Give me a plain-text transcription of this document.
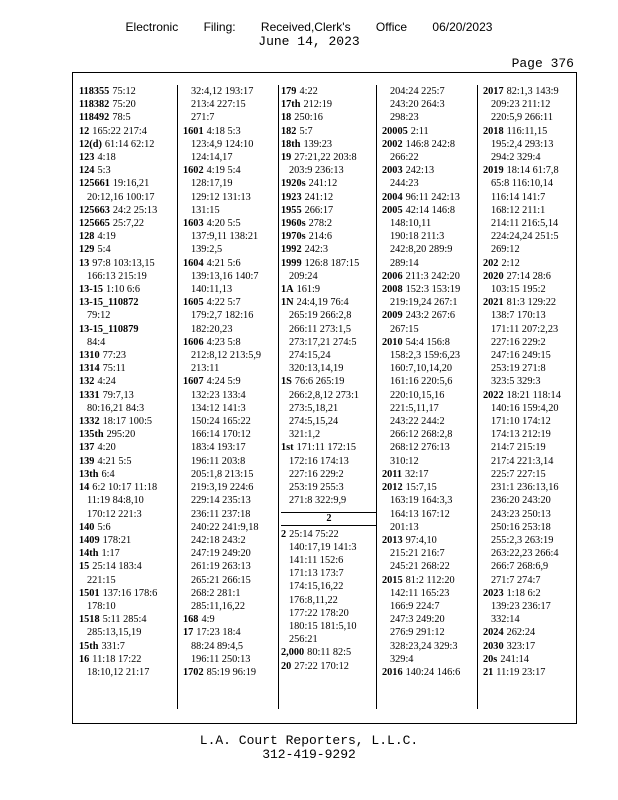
Electronic Filing: Received,Clerk's Office 06/20/2023
June 14, 2023
Page 376
118355 75:12
118382 75:20
118492 78:5
12 165:22 217:4
12(d) 61:14 62:12
123 4:18
124 5:3
125661 19:16,21
20:12,16 100:17
125663 24:2 25:13
125665 25:7,22
128 4:19
129 5:4
13 97:8 103:13,15
166:13 215:19
13-15 1:10 6:6
13-15_110872
79:12
13-15_110879
84:4
1310 77:23
1314 75:11
132 4:24
1331 79:7,13
80:16,21 84:3
1332 18:17 100:5
135th 295:20
137 4:20
139 4:21 5:5
13th 6:4
14 6:2 10:17 11:18
11:19 84:8,10
170:12 221:3
140 5:6
1409 178:21
14th 1:17
15 25:14 183:4
221:15
1501 137:16 178:6
178:10
1518 5:11 285:4
285:13,15,19
15th 331:7
16 11:18 17:22
18:10,12 21:17
32:4,12 193:17
213:4 227:15
271:7
1601 4:18 5:3
123:4,9 124:10
124:14,17
1602 4:19 5:4
128:17,19
129:12 131:13
131:15
1603 4:20 5:5
137:9,11 138:21
139:2,5
1604 4:21 5:6
139:13,16 140:7
140:11,13
1605 4:22 5:7
179:2,7 182:16
182:20,23
1606 4:23 5:8
212:8,12 213:5,9
213:11
1607 4:24 5:9
132:23 133:4
134:12 141:3
150:24 165:22
166:14 170:12
183:4 193:17
196:11 203:8
205:1,8 213:15
219:3,19 224:6
229:14 235:13
236:11 237:18
240:22 241:9,18
242:18 243:2
247:19 249:20
261:19 263:13
265:21 266:15
268:2 281:1
285:11,16,22
168 4:9
17 17:23 18:4
88:24 89:4,5
196:11 250:13
1702 85:19 96:19
179 4:22
17th 212:19
18 250:16
182 5:7
18th 139:23
19 27:21,22 203:8
203:9 236:13
1920s 241:12
1923 241:12
1955 266:17
1960s 278:2
1970s 214:6
1992 242:3
1999 126:8 187:15
209:24
1A 161:9
1N 24:4,19 76:4
265:19 266:2,8
266:11 273:1,5
273:17,21 274:5
274:15,24
320:13,14,19
1S 76:6 265:19
266:2,8,12 273:1
273:5,18,21
274:5,15,24
321:1,2
1st 171:11 172:15
172:16 174:13
227:16 229:2
253:19 255:3
271:8 322:9,9
2
2 25:14 75:22
140:17,19 141:3
141:11 152:6
171:13 173:7
174:15,16,22
176:8,11,22
177:22 178:20
180:15 181:5,10
256:21
2,000 80:11 82:5
20 27:22 170:12
204:24 225:7
243:20 264:3
298:23
20005 2:11
2002 146:8 242:8
266:22
2003 242:13
244:23
2004 96:11 242:13
2005 42:14 146:8
148:10,11
190:18 211:3
242:8,20 289:9
289:14
2006 211:3 242:20
2008 152:3 153:19
219:19,24 267:1
2009 243:2 267:6
267:15
2010 54:4 156:8
158:2,3 159:6,23
160:7,10,14,20
161:16 220:5,6
220:10,15,16
221:5,11,17
243:22 244:2
266:12 268:2,8
268:12 276:13
310:12
2011 32:17
2012 15:7,15
163:19 164:3,3
164:13 167:12
201:13
2013 97:4,10
215:21 216:7
245:21 268:22
2015 81:2 112:20
142:11 165:23
166:9 224:7
247:3 249:20
276:9 291:12
328:23,24 329:3
329:4
2016 140:24 146:6
2017 82:1,3 143:9
209:23 211:12
220:5,9 266:11
2018 116:11,15
195:2,4 293:13
294:2 329:4
2019 18:14 61:7,8
65:8 116:10,14
116:14 141:7
168:12 211:1
214:11 216:5,14
224:24,24 251:5
269:12
202 2:12
2020 27:14 28:6
103:15 195:2
2021 81:3 129:22
138:7 170:13
171:11 207:2,23
227:16 229:2
247:16 249:15
253:19 271:8
323:5 329:3
2022 18:21 118:14
140:16 159:4,20
171:10 174:12
174:13 212:19
214:7 215:19
217:4 221:3,14
225:7 227:15
231:1 236:13,16
236:20 243:20
243:23 250:13
250:16 253:18
255:2,3 263:19
263:22,23 266:4
266:7 268:6,9
271:7 274:7
2023 1:18 6:2
139:23 236:17
332:14
2024 262:24
2030 323:17
20s 241:14
21 11:19 23:17
L.A. Court Reporters, L.L.C.
312-419-9292
